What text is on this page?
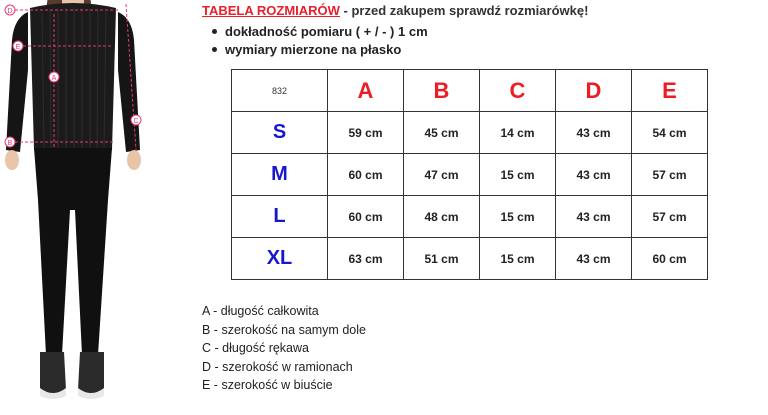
D
E
A
C
B
TABELA ROZMIARÓW - przed zakupem sprawdź rozmiarówkę!
dokładność pomiaru ( + / - ) 1 cm
wymiary mierzone na płasko
832	A	B	C	D	E
S	59 cm	45 cm	14 cm	43 cm	54 cm
M	60 cm	47 cm	15 cm	43 cm	57 cm
L	60 cm	48 cm	15 cm	43 cm	57 cm
XL	63 cm	51 cm	15 cm	43 cm	60 cm
A - długość całkowita
B - szerokość na samym dole
C - długość rękawa
D - szerokość w ramionach
E - szerokość w biuście
